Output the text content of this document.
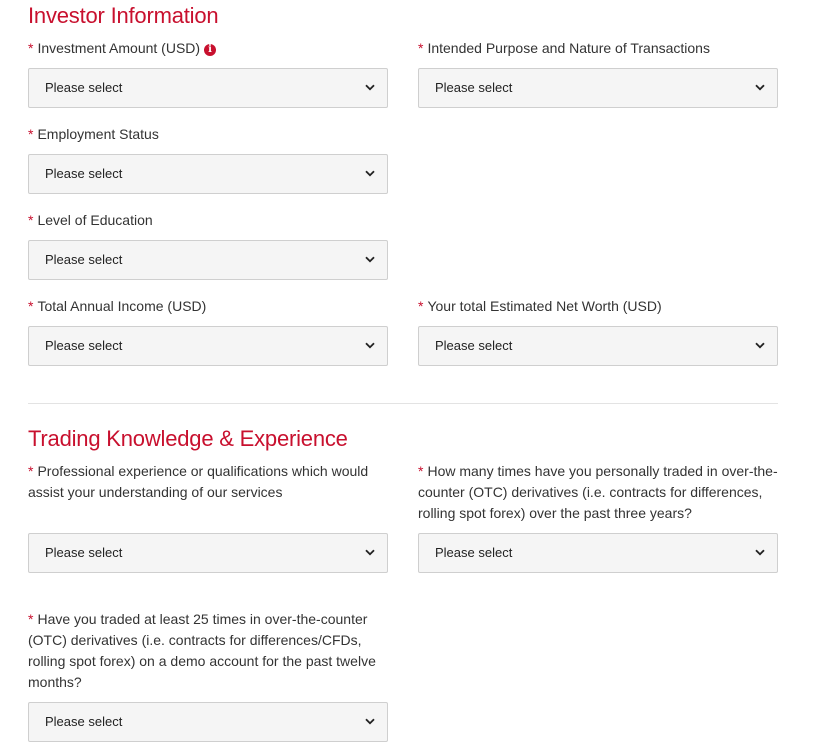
Investor Information
* Investment Amount (USD) i
Please select
* Intended Purpose and Nature of Transactions
Please select
* Employment Status
Please select
* Level of Education
Please select
* Total Annual Income (USD)
Please select
* Your total Estimated Net Worth (USD)
Please select
Trading Knowledge & Experience
* Professional experience or qualifications which would assist your understanding of our services
Please select
* How many times have you personally traded in over-the-counter (OTC) derivatives (i.e. contracts for differences, rolling spot forex) over the past three years?
Please select
* Have you traded at least 25 times in over-the-counter (OTC) derivatives (i.e. contracts for differences/CFDs, rolling spot forex) on a demo account for the past twelve months?
Please select
